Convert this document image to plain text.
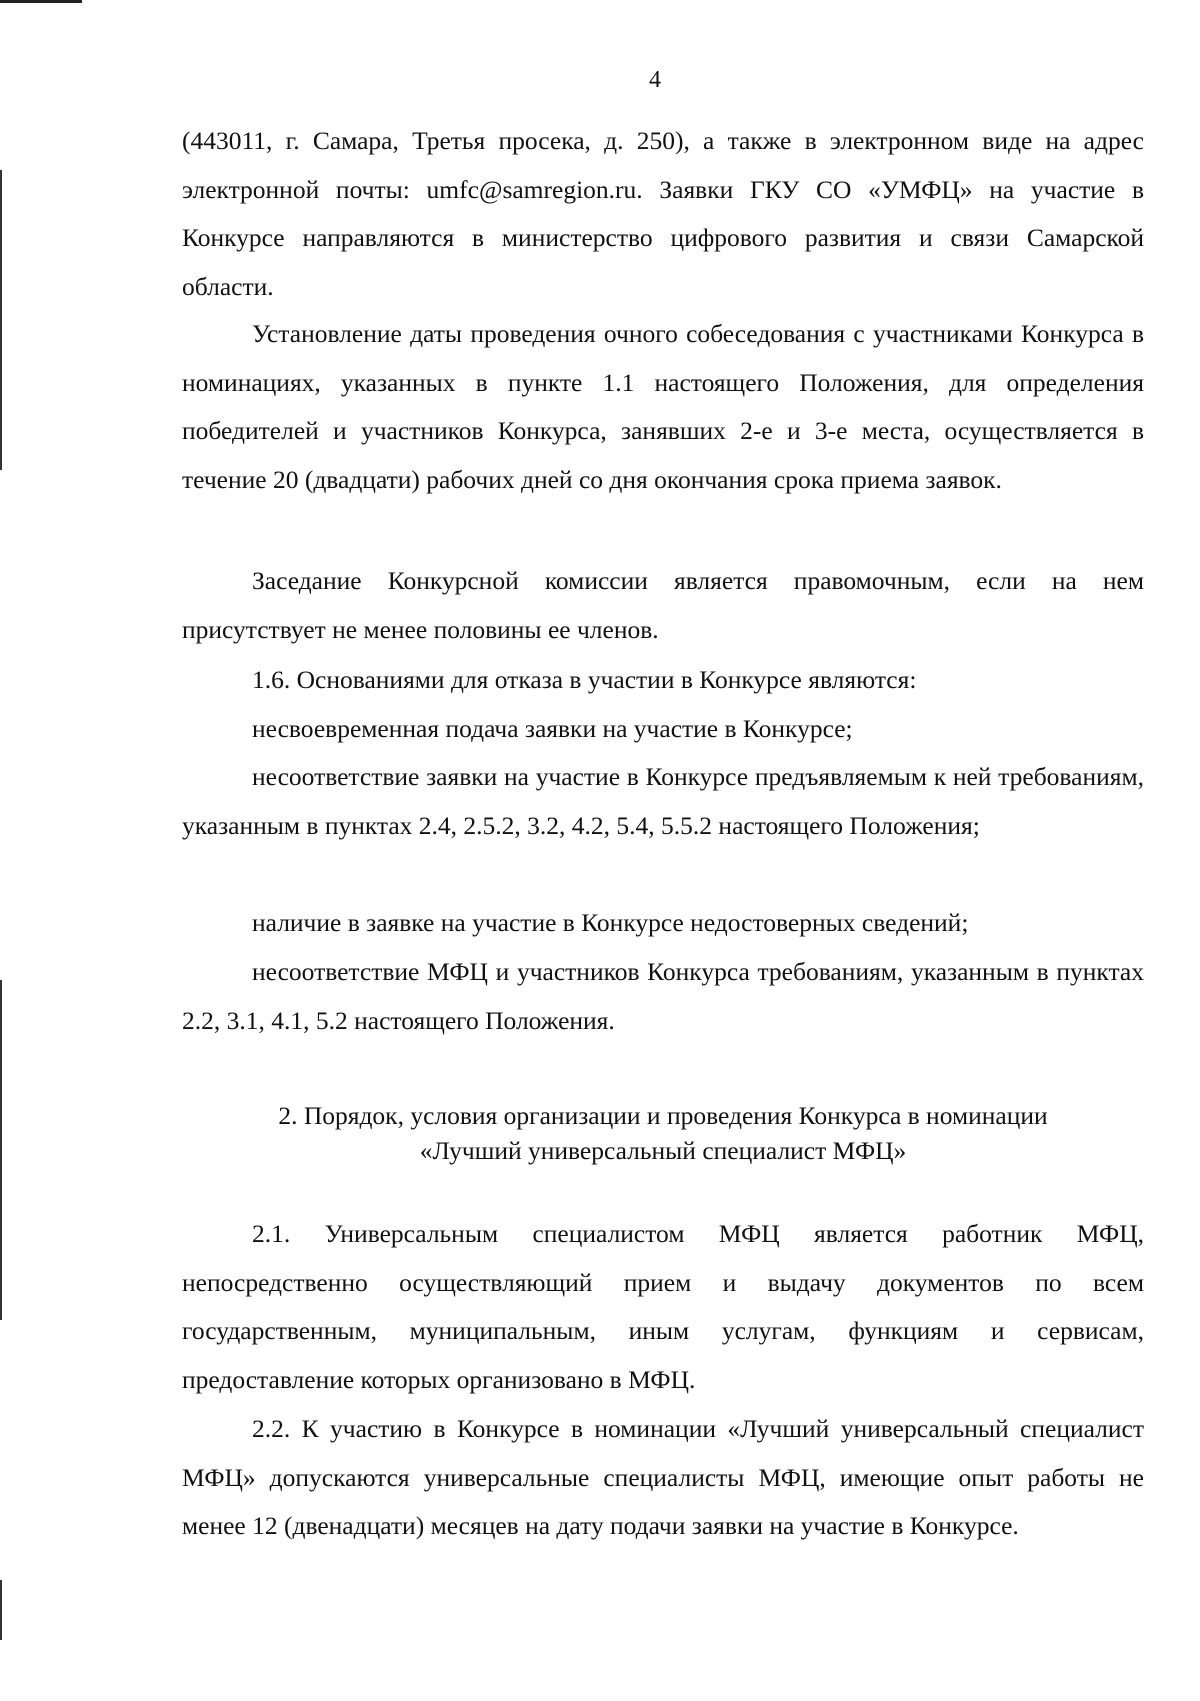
4
(443011, г. Самара, Третья просека, д. 250), а также в электронном виде на адрес электронной почты: umfc@samregion.ru. Заявки ГКУ СО «УМФЦ» на участие в Конкурсе направляются в министерство цифрового развития и связи Самарской области.
Установление даты проведения очного собеседования с участниками Конкурса в номинациях, указанных в пункте 1.1 настоящего Положения, для определения победителей и участников Конкурса, занявших 2-е и 3-е места, осуществляется в течение 20 (двадцати) рабочих дней со дня окончания срока приема заявок.
Заседание Конкурсной комиссии является правомочным, если на нем присутствует не менее половины ее членов.
1.6. Основаниями для отказа в участии в Конкурсе являются:
несвоевременная подача заявки на участие в Конкурсе;
несоответствие заявки на участие в Конкурсе предъявляемым к ней требованиям, указанным в пунктах 2.4, 2.5.2, 3.2, 4.2, 5.4, 5.5.2 настоящего Положения;
наличие в заявке на участие в Конкурсе недостоверных сведений;
несоответствие МФЦ и участников Конкурса требованиям, указанным в пунктах 2.2, 3.1, 4.1, 5.2 настоящего Положения.
2. Порядок, условия организации и проведения Конкурса в номинации
«Лучший универсальный специалист МФЦ»
2.1. Универсальным специалистом МФЦ является работник МФЦ, непосредственно осуществляющий прием и выдачу документов по всем государственным, муниципальным, иным услугам, функциям и сервисам, предоставление которых организовано в МФЦ.
2.2. К участию в Конкурсе в номинации «Лучший универсальный специалист МФЦ» допускаются универсальные специалисты МФЦ, имеющие опыт работы не менее 12 (двенадцати) месяцев на дату подачи заявки на участие в Конкурсе.
